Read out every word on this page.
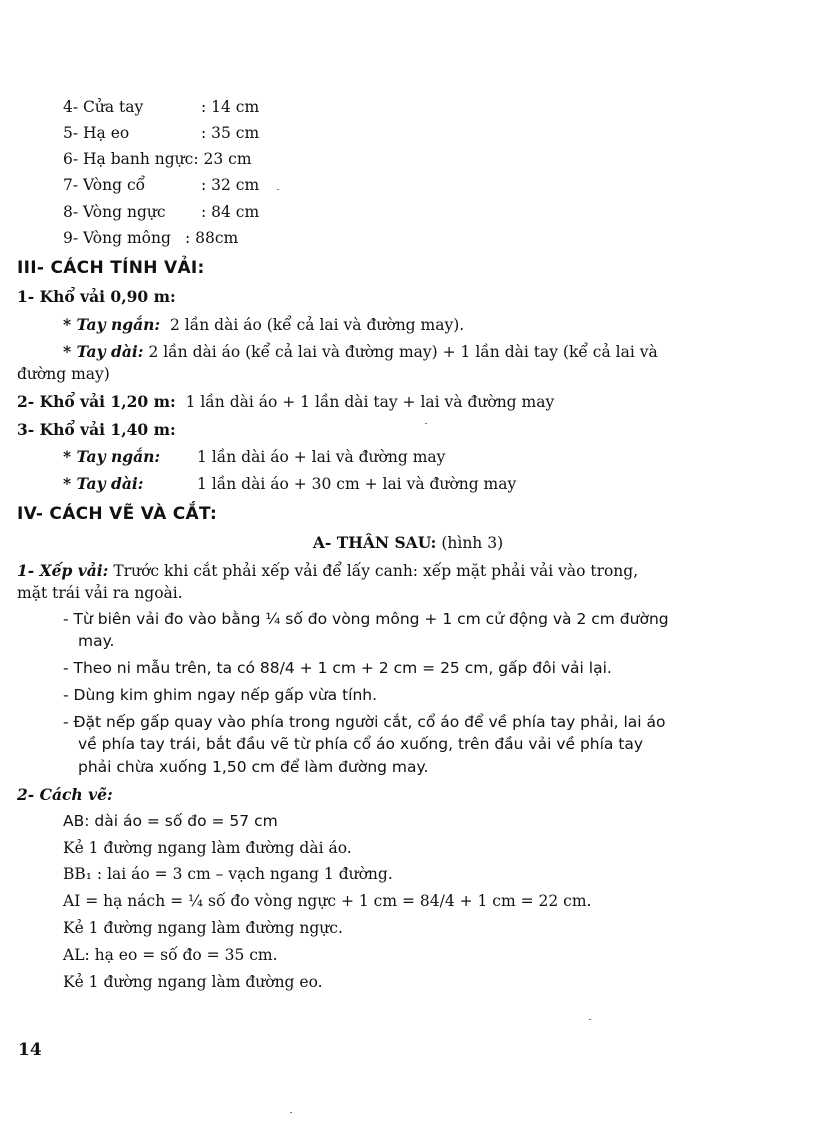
4- Cửa tay	: 14 cm
5- Hạ eo	: 35 cm
6- Hạ banh ngực: 23 cm
7- Vòng cổ	: 32 cm
8- Vòng ngực : 84 cm
9- Vòng mông : 88cm
III- CÁCH TÍNH VẢI:
1- Khổ vải 0,90 m:
* Tay ngắn: 2 lần dài áo (kể cả lai và đường may).
* Tay dài: 2 lần dài áo (kể cả lai và đường may) + 1 lần dài tay (kể cả lai và
đường may)
2- Khổ vải 1,20 m: 1 lần dài áo + 1 lần dài tay + lai và đường may
3- Khổ vải 1,40 m:
* Tay ngắn: 1 lần dài áo + lai và đường may
* Tay dài:	1 lần dài áo + 30 cm + lai và đường may
IV- CÁCH VẼ VÀ CẮT:
A- THÂN SAU: (hình 3)
1- Xếp vải: Trước khi cắt phải xếp vải để lấy canh: xếp mặt phải vải vào trong,
mặt trái vải ra ngoài.
- Từ biên vải đo vào bằng ¼ số đo vòng mông + 1 cm cử động và 2 cm đường
may.
- Theo ni mẫu trên, ta có 88/4 + 1 cm + 2 cm = 25 cm, gấp đôi vải lại.
- Dùng kim ghim ngay nếp gấp vừa tính.
- Đặt nếp gấp quay vào phía trong người cắt, cổ áo để về phía tay phải, lai áo
về phía tay trái, bắt đầu vẽ từ phía cổ áo xuống, trên đầu vải về phía tay
phải chừa xuống 1,50 cm để làm đường may.
2- Cách vẽ:
AB: dài áo = số đo = 57 cm
Kẻ 1 đường ngang làm đường dài áo.
BB₁ : lai áo = 3 cm – vạch ngang 1 đường.
AI = hạ nách = ¼ số đo vòng ngực + 1 cm = 84/4 + 1 cm = 22 cm.
Kẻ 1 đường ngang làm đường ngực.
AL: hạ eo = số đo = 35 cm.
Kẻ 1 đường ngang làm đường eo.
14
